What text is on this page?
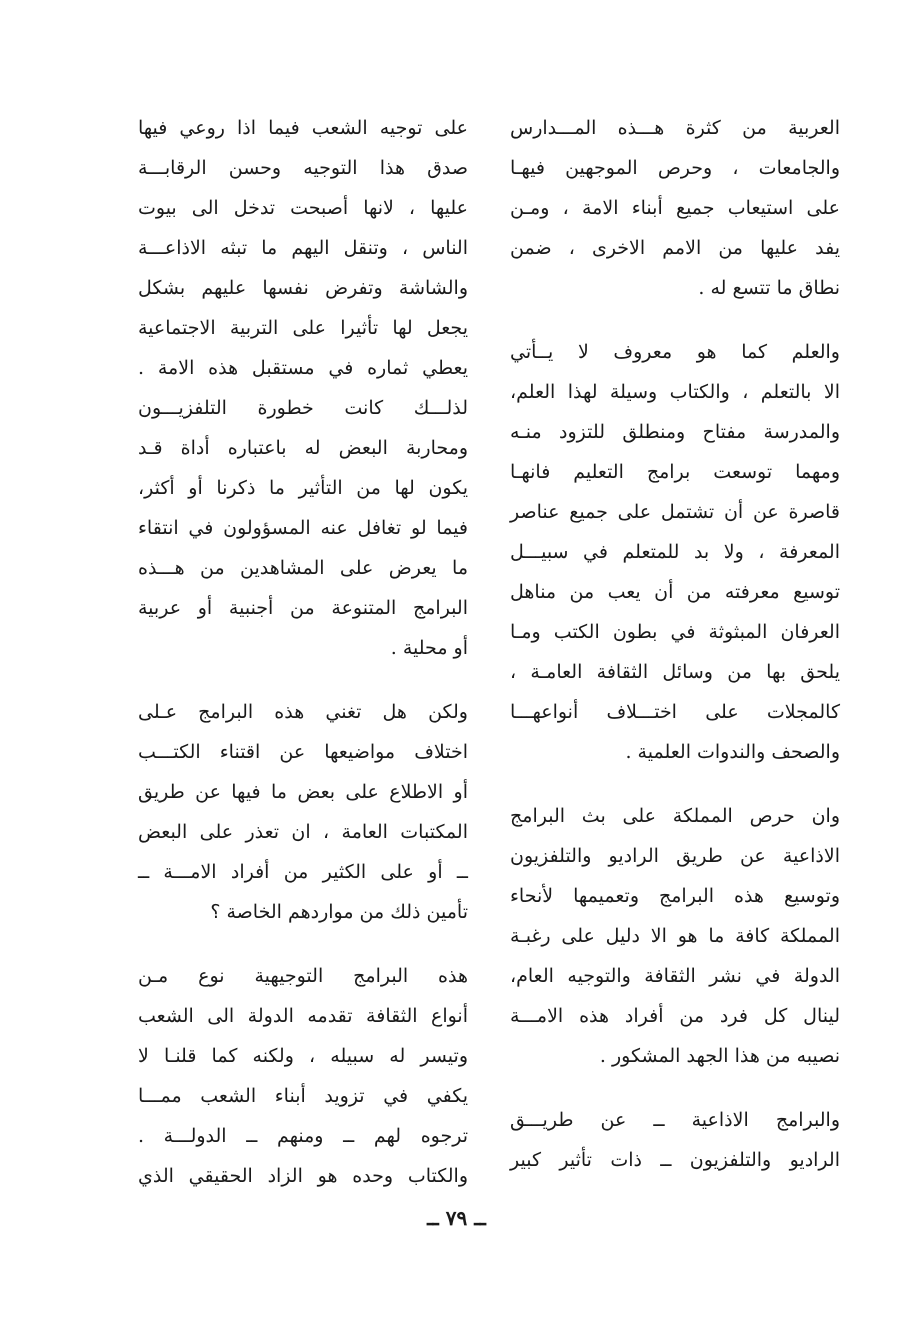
العربية من كثرة هـــذه المـــدارس
والجامعات ، وحرص الموجهين فيهـا
على استيعاب جميع أبناء الامة ، ومـن
يفد عليها من الامم الاخرى ، ضمن
نطاق ما تتسع له .
والعلم كما هو معروف لا يــأتي
الا بالتعلم ، والكتاب وسيلة لهذا العلم،
والمدرسة مفتاح ومنطلق للتزود منـه
ومهما توسعت برامج التعليم فانهـا
قاصرة عن أن تشتمل على جميع عناصر
المعرفة ، ولا بد للمتعلم في سبيـــل
توسيع معرفته من أن يعب من مناهل
العرفان المبثوثة في بطون الكتب ومـا
يلحق بها من وسائل الثقافة العامـة ،
كالمجلات على اختـــلاف أنواعهـــا
والصحف والندوات العلمية .
وان حرص المملكة على بث البرامج
الاذاعية عن طريق الراديو والتلفزيون
وتوسيع هذه البرامج وتعميمها لأنحاء
المملكة كافة ما هو الا دليل على رغبـة
الدولة في نشر الثقافة والتوجيه العام،
لينال كل فرد من أفراد هذه الامـــة
نصيبه من هذا الجهد المشكور .
والبرامج الاذاعية ــ عن طريـــق
الراديو والتلفزيون ــ ذات تأثير كبير
على توجيه الشعب فيما اذا روعي فيها
صدق هذا التوجيه وحسن الرقابـــة
عليها ، لانها أصبحت تدخل الى بيوت
الناس ، وتنقل اليهم ما تبثه الاذاعـــة
والشاشة وتفرض نفسها عليهم بشكل
يجعل لها تأثيرا على التربية الاجتماعية
يعطي ثماره في مستقبل هذه الامة .
لذلـــك كانت خطورة التلفزيـــون
ومحاربة البعض له باعتباره أداة قـد
يكون لها من التأثير ما ذكرنا أو أكثر،
فيما لو تغافل عنه المسؤولون في انتقاء
ما يعرض على المشاهدين من هـــذه
البرامج المتنوعة من أجنبية أو عربية
أو محلية .
ولكن هل تغني هذه البرامج عـلى
اختلاف مواضيعها عن اقتناء الكتـــب
أو الاطلاع على بعض ما فيها عن طريق
المكتبات العامة ، ان تعذر على البعض
ــ أو على الكثير من أفراد الامـــة ــ
تأمين ذلك من مواردهم الخاصة ؟
هذه البرامج التوجيهية نوع مـن
أنواع الثقافة تقدمه الدولة الى الشعب
وتيسر له سبيله ، ولكنه كما قلنـا لا
يكفي في تزويد أبناء الشعب ممـــا
ترجوه لهم ــ ومنهم ــ الدولـــة .
والكتاب وحده هو الزاد الحقيقي الذي
ــ ٧٩ ــ
